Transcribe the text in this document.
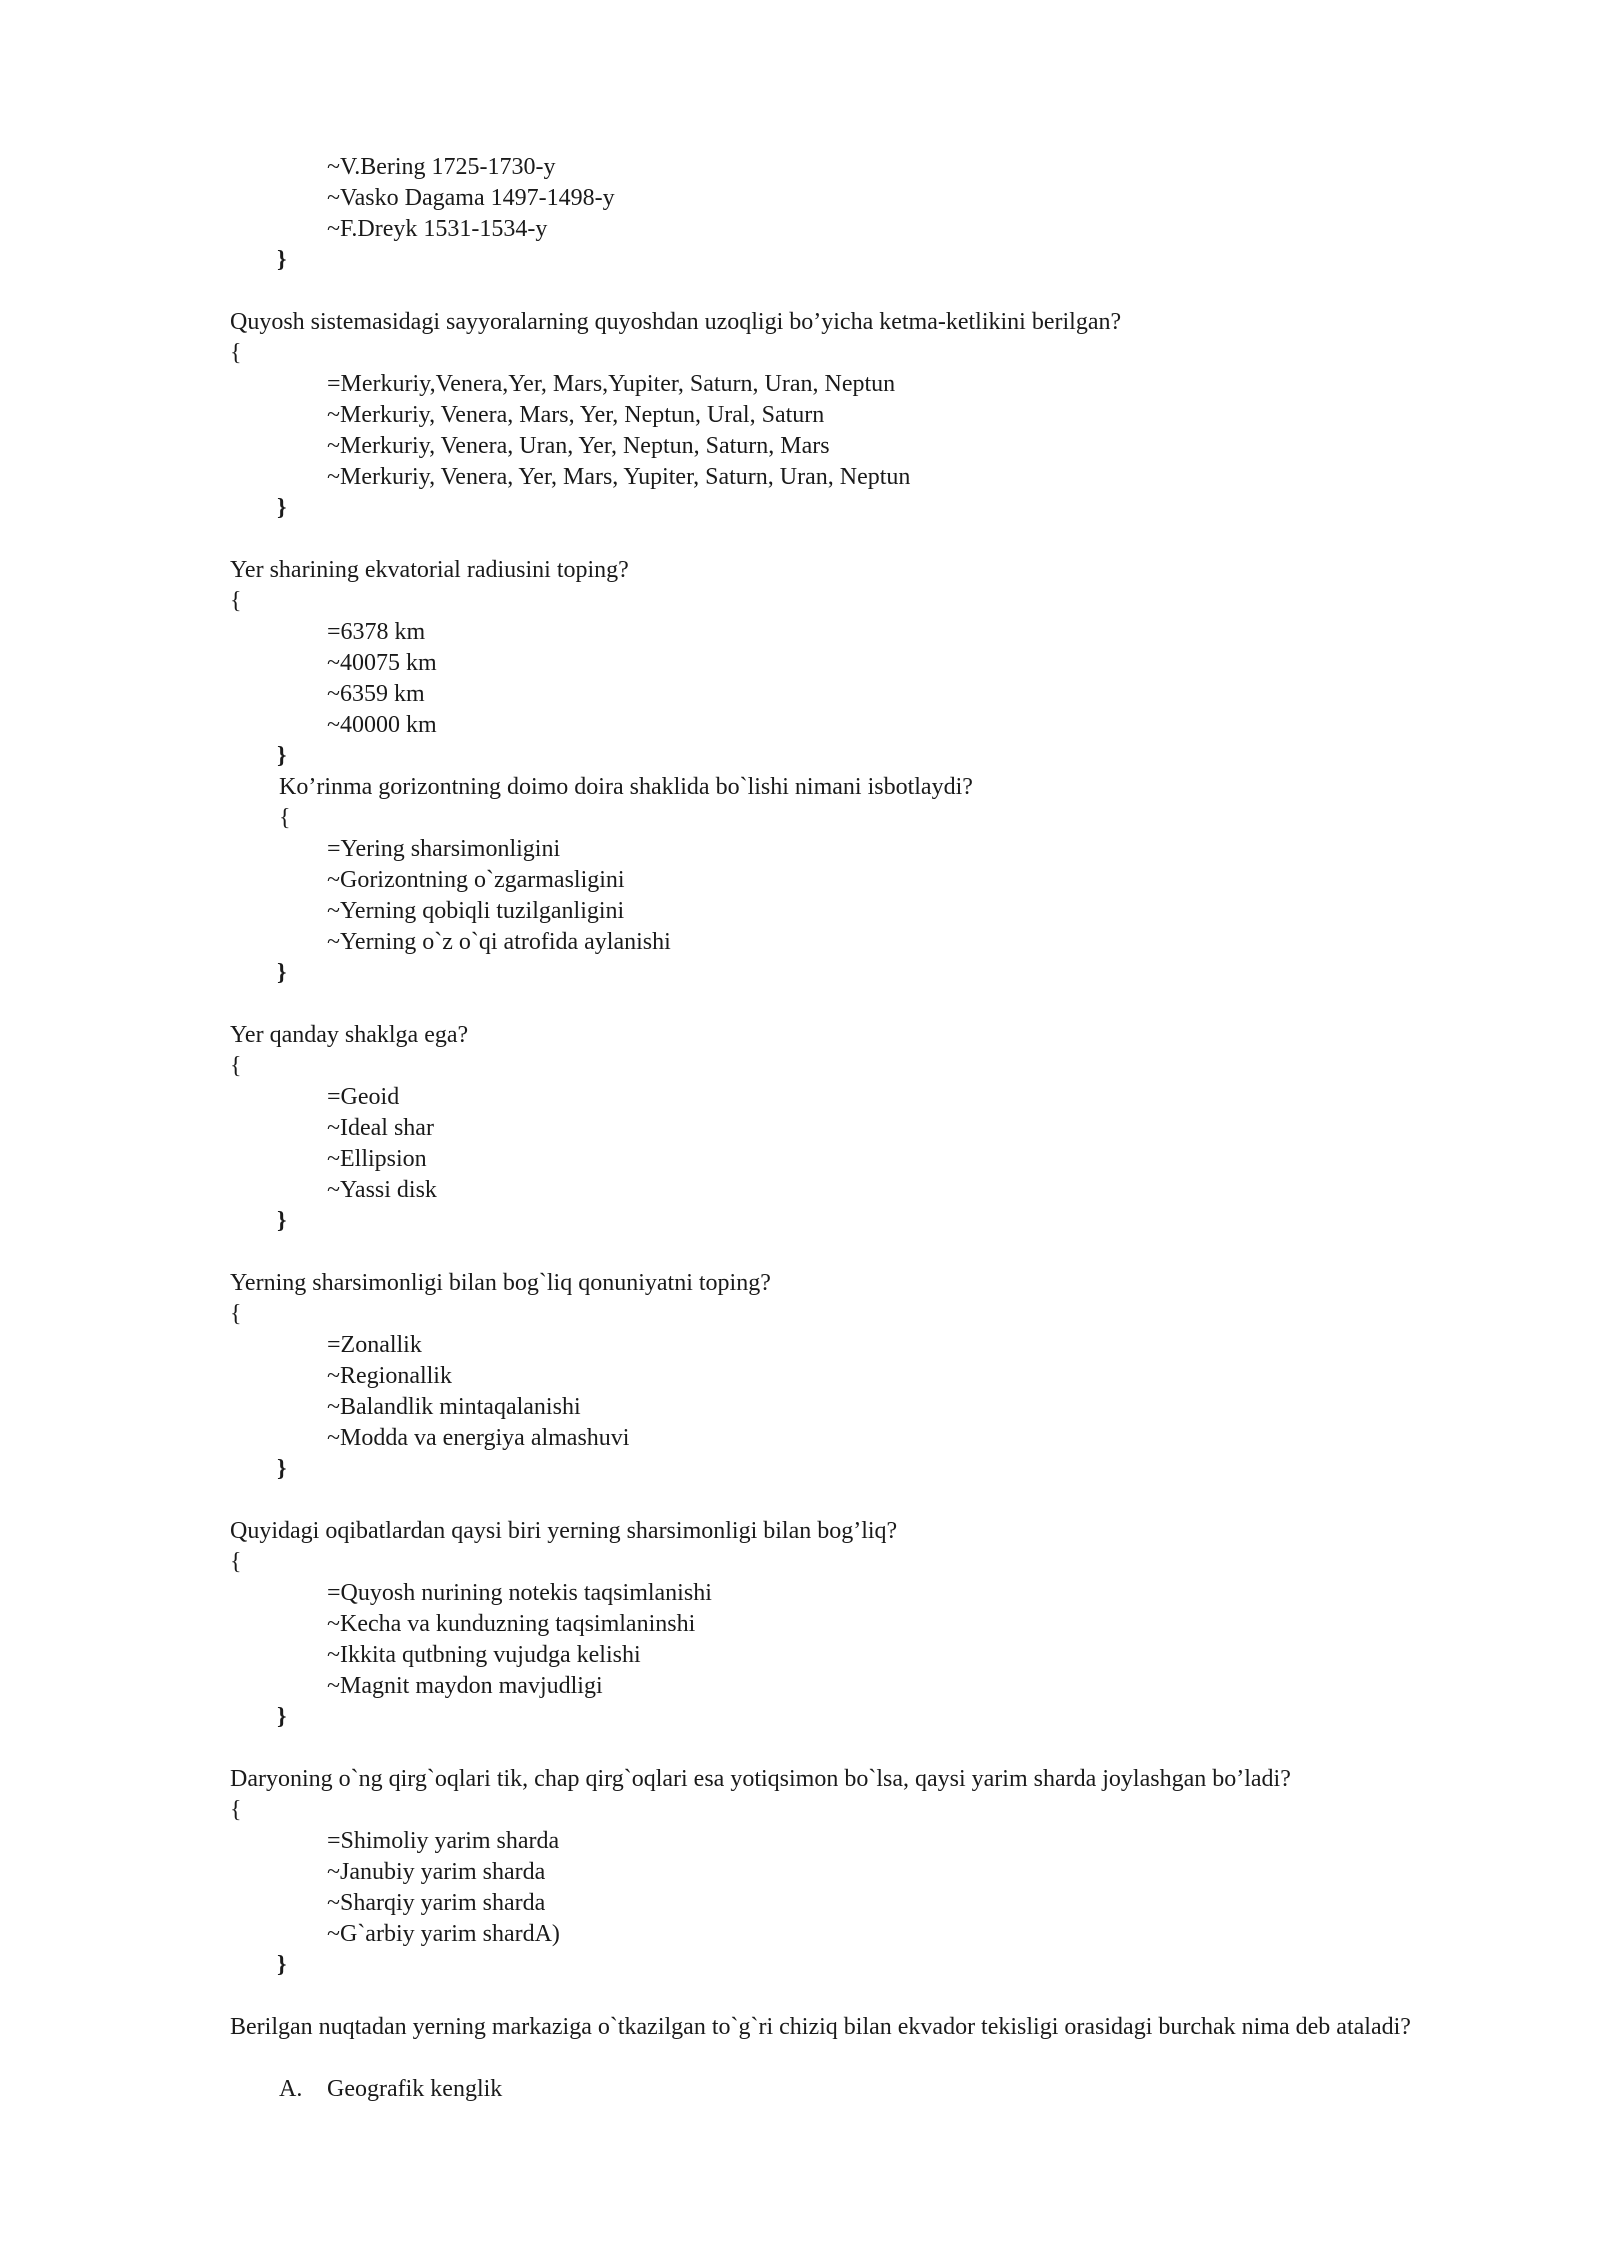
~V.Bering 1725-1730-y
~Vasko Dagama 1497-1498-y
~F.Dreyk 1531-1534-y
}
Quyosh sistemasidagi sayyoralarning quyoshdan uzoqligi bo’yicha ketma-ketlikini berilgan?
{
=Merkuriy,Venera,Yer, Mars,Yupiter, Saturn, Uran, Neptun
~Merkuriy, Venera, Mars, Yer, Neptun, Ural, Saturn
~Merkuriy, Venera, Uran, Yer, Neptun, Saturn, Mars
~Merkuriy, Venera, Yer, Mars, Yupiter, Saturn, Uran, Neptun
}
Yer sharining ekvatorial radiusini toping?
{
=6378 km
~40075 km
~6359 km
~40000 km
}
Ko’rinma gorizontning doimo doira shaklida bo`lishi nimani isbotlaydi?
{
=Yering sharsimonligini
~Gorizontning o`zgarmasligini
~Yerning qobiqli tuzilganligini
~Yerning o`z o`qi atrofida aylanishi
}
Yer qanday shaklga ega?
{
=Geoid
~Ideal shar
~Ellipsion
~Yassi disk
}
Yerning sharsimonligi bilan bog`liq qonuniyatni toping?
{
=Zonallik
~Regionallik
~Balandlik mintaqalanishi
~Modda va energiya almashuvi
}
Quyidagi oqibatlardan qaysi biri yerning sharsimonligi bilan bog’liq?
{
=Quyosh nurining notekis taqsimlanishi
~Kecha va kunduzning taqsimlaninshi
~Ikkita qutbning vujudga kelishi
~Magnit maydon mavjudligi
}
Daryoning o`ng qirg`oqlari tik, chap qirg`oqlari esa yotiqsimon bo`lsa, qaysi yarim sharda joylashgan bo’ladi?
{
=Shimoliy yarim sharda
~Janubiy yarim sharda
~Sharqiy yarim sharda
~G`arbiy yarim shardA)
}
Berilgan nuqtadan yerning markaziga o`tkazilgan to`g`ri chiziq bilan ekvador tekisligi orasidagi burchak nima deb ataladi?
A. Geografik kenglik
